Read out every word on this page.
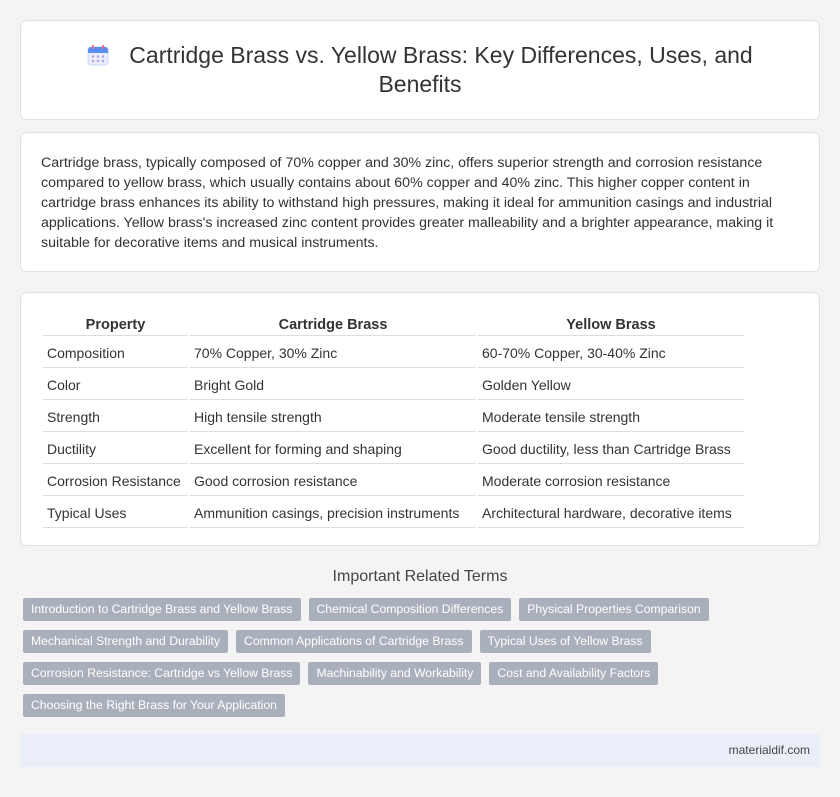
Cartridge Brass vs. Yellow Brass: Key Differences, Uses, and Benefits

Cartridge brass, typically composed of 70% copper and 30% zinc, offers superior strength and corrosion resistance compared to yellow brass, which usually contains about 60% copper and 40% zinc. This higher copper content in cartridge brass enhances its ability to withstand high pressures, making it ideal for ammunition casings and industrial applications. Yellow brass's increased zinc content provides greater malleability and a brighter appearance, making it suitable for decorative items and musical instruments.

Property	Cartridge Brass	Yellow Brass
Composition	70% Copper, 30% Zinc	60-70% Copper, 30-40% Zinc
Color	Bright Gold	Golden Yellow
Strength	High tensile strength	Moderate tensile strength
Ductility	Excellent for forming and shaping	Good ductility, less than Cartridge Brass
Corrosion Resistance	Good corrosion resistance	Moderate corrosion resistance
Typical Uses	Ammunition casings, precision instruments	Architectural hardware, decorative items
Important Related Terms
Introduction to Cartridge Brass and Yellow Brass	Chemical Composition Differences	Physical Properties Comparison
Mechanical Strength and Durability	Common Applications of Cartridge Brass	Typical Uses of Yellow Brass
Corrosion Resistance: Cartridge vs Yellow Brass	Machinability and Workability	Cost and Availability Factors
Choosing the Right Brass for Your Application
materialdif.com
